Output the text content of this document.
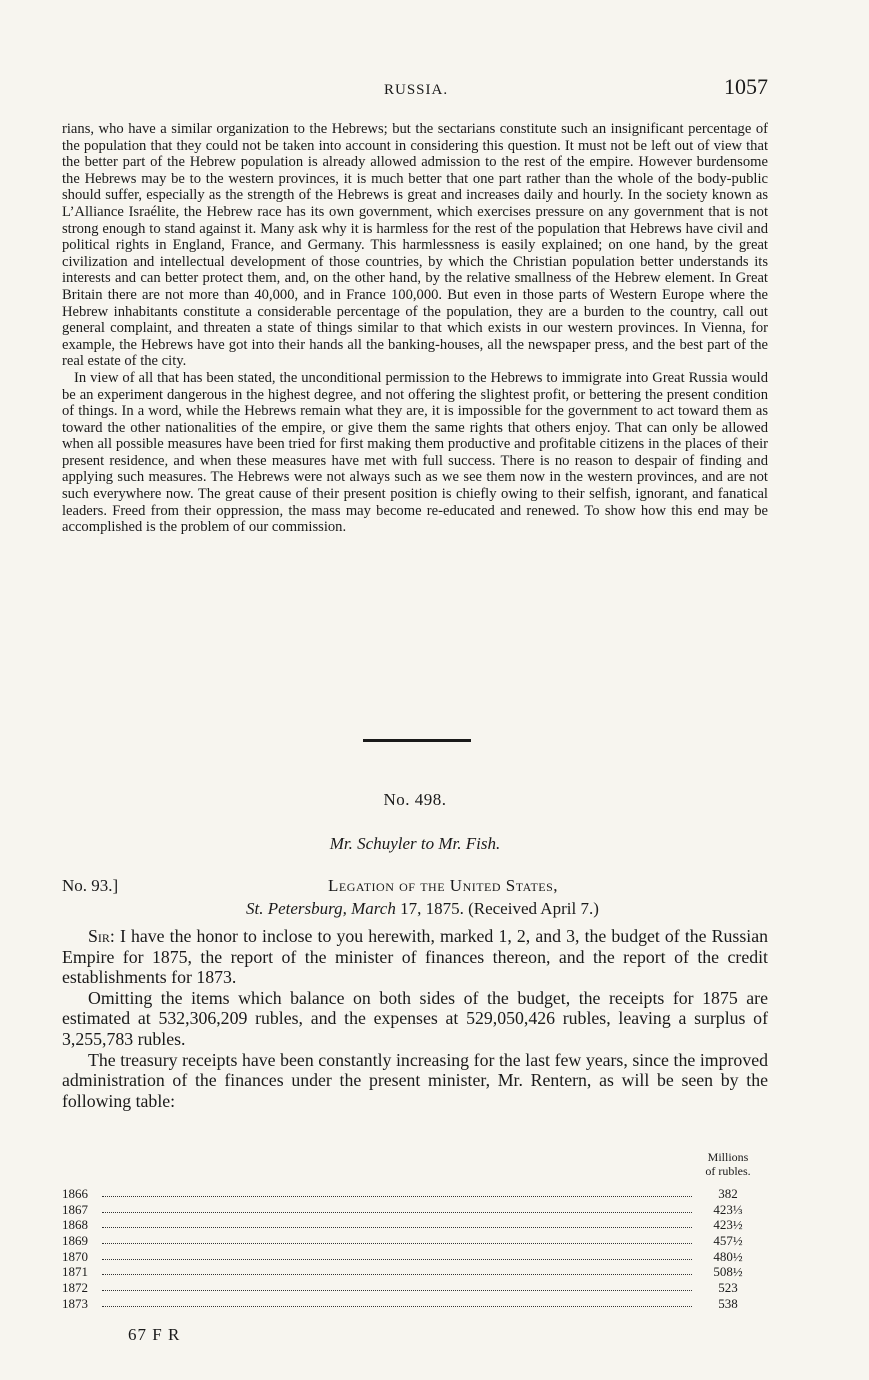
RUSSIA.	1057

rians, who have a similar organization to the Hebrews; but the sectarians constitute such an insignificant percentage of the population that they could not be taken into account in considering this question. It must not be left out of view that the better part of the Hebrew population is already allowed admission to the rest of the empire. However burdensome the Hebrews may be to the western provinces, it is much better that one part rather than the whole of the body-public should suffer, especially as the strength of the Hebrews is great and increases daily and hourly. In the society known as L’Alliance Israélite, the Hebrew race has its own government, which exercises pressure on any government that is not strong enough to stand against it. Many ask why it is harmless for the rest of the population that Hebrews have civil and political rights in England, France, and Germany. This harmlessness is easily explained; on one hand, by the great civilization and intellectual development of those countries, by which the Christian population better understands its interests and can better protect them, and, on the other hand, by the relative smallness of the Hebrew element. In Great Britain there are not more than 40,000, and in France 100,000. But even in those parts of Western Europe where the Hebrew inhabitants constitute a considerable percentage of the population, they are a burden to the country, call out general complaint, and threaten a state of things similar to that which exists in our western provinces. In Vienna, for example, the Hebrews have got into their hands all the banking-houses, all the newspaper press, and the best part of the real estate of the city.

In view of all that has been stated, the unconditional permission to the Hebrews to immigrate into Great Russia would be an experiment dangerous in the highest degree, and not offering the slightest profit, or bettering the present condition of things. In a word, while the Hebrews remain what they are, it is impossible for the government to act toward them as toward the other nationalities of the empire, or give them the same rights that others enjoy. That can only be allowed when all possible measures have been tried for first making them productive and profitable citizens in the places of their present residence, and when these measures have met with full success. There is no reason to despair of finding and applying such measures. The Hebrews were not always such as we see them now in the western provinces, and are not such everywhere now. The great cause of their present position is chiefly owing to their selfish, ignorant, and fanatical leaders. Freed from their oppression, the mass may become re-educated and renewed. To show how this end may be accomplished is the problem of our commission.

No. 498.
Mr. Schuyler to Mr. Fish.
No. 93.]	Legation of the United States,
St. Petersburg, March 17, 1875. (Received April 7.)

Sir: I have the honor to inclose to you herewith, marked 1, 2, and 3, the budget of the Russian Empire for 1875, the report of the minister of finances thereon, and the report of the credit establishments for 1873.

Omitting the items which balance on both sides of the budget, the receipts for 1875 are estimated at 532,306,209 rubles, and the expenses at 529,050,426 rubles, leaving a surplus of 3,255,783 rubles.

The treasury receipts have been constantly increasing for the last few years, since the improved administration of the finances under the present minister, Mr. Rentern, as will be seen by the following table:

Millions
of rubles.
1866	382
1867	423⅓
1868	423½
1869	457½
1870	480½
1871	508½
1872	523
1873	538
67 F R
